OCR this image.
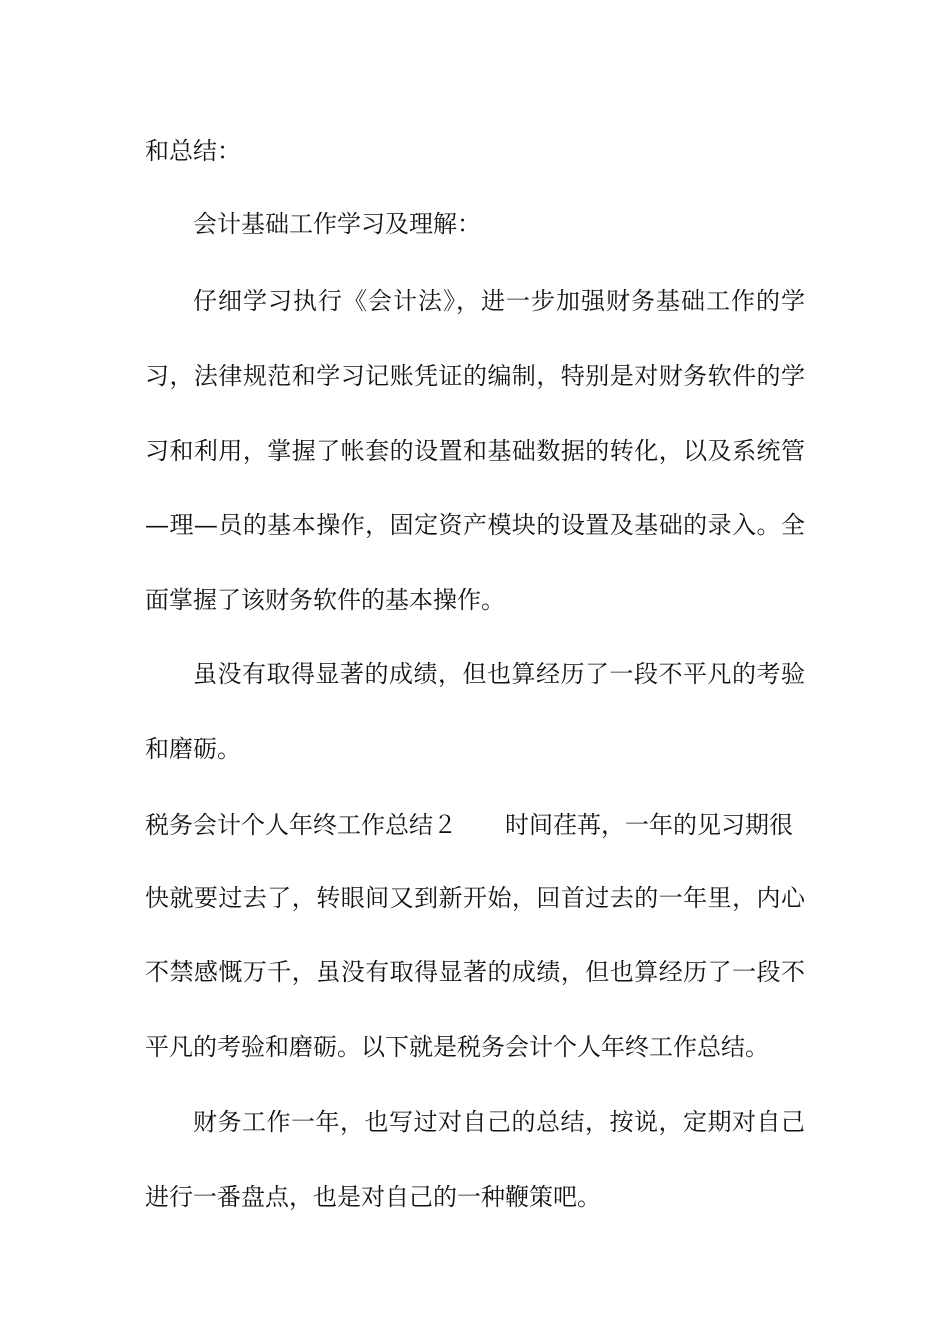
和总结：
会计基础工作学习及理解：
仔细学习执行《会计法》，进一步加强财务基础工作的学
习，法律规范和学习记账凭证的编制，特别是对财务软件的学
习和利用，掌握了帐套的设置和基础数据的转化，以及系统管
—理—员的基本操作，固定资产模块的设置及基础的录入。全
面掌握了该财务软件的基本操作。
虽没有取得显著的成绩，但也算经历了一段不平凡的考验
和磨砺。
税务会计个人年终工作总结２ 时间荏苒，一年的见习期很
快就要过去了，转眼间又到新开始，回首过去的一年里，内心
不禁感慨万千，虽没有取得显著的成绩，但也算经历了一段不
平凡的考验和磨砺。以下就是税务会计个人年终工作总结。
财务工作一年，也写过对自己的总结，按说，定期对自己
进行一番盘点，也是对自己的一种鞭策吧。
